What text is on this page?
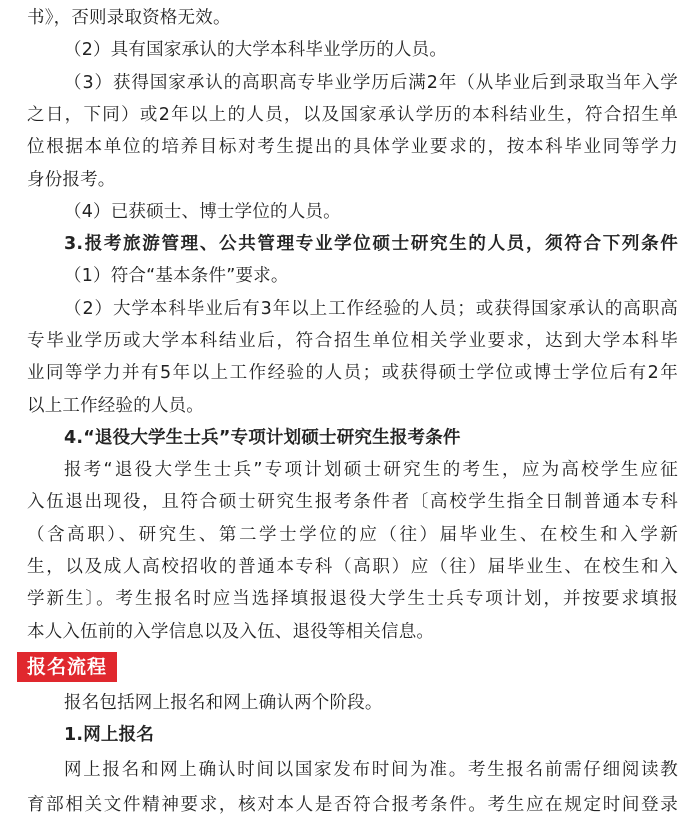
书》，否则录取资格无效。
（2）具有国家承认的大学本科毕业学历的人员。
（3）获得国家承认的高职高专毕业学历后满2年（从毕业后到录取当年入学
之日，下同）或2年以上的人员，以及国家承认学历的本科结业生，符合招生单
位根据本单位的培养目标对考生提出的具体学业要求的，按本科毕业同等学力
身份报考。
（4）已获硕士、博士学位的人员。
3.报考旅游管理、公共管理专业学位硕士研究生的人员，须符合下列条件
（1）符合“基本条件”要求。
（2）大学本科毕业后有3年以上工作经验的人员；或获得国家承认的高职高
专毕业学历或大学本科结业后，符合招生单位相关学业要求，达到大学本科毕
业同等学力并有5年以上工作经验的人员；或获得硕士学位或博士学位后有2年
以上工作经验的人员。
4.“退役大学生士兵”专项计划硕士研究生报考条件
报考“退役大学生士兵”专项计划硕士研究生的考生，应为高校学生应征
入伍退出现役，且符合硕士研究生报考条件者〔高校学生指全日制普通本专科
（含高职）、研究生、第二学士学位的应（往）届毕业生、在校生和入学新
生，以及成人高校招收的普通本专科（高职）应（往）届毕业生、在校生和入
学新生〕。考生报名时应当选择填报退役大学生士兵专项计划，并按要求填报
本人入伍前的入学信息以及入伍、退役等相关信息。
报名流程
报名包括网上报名和网上确认两个阶段。
1.网上报名
网上报名和网上确认时间以国家发布时间为准。考生报名前需仔细阅读教
育部相关文件精神要求，核对本人是否符合报考条件。考生应在规定时间登录
